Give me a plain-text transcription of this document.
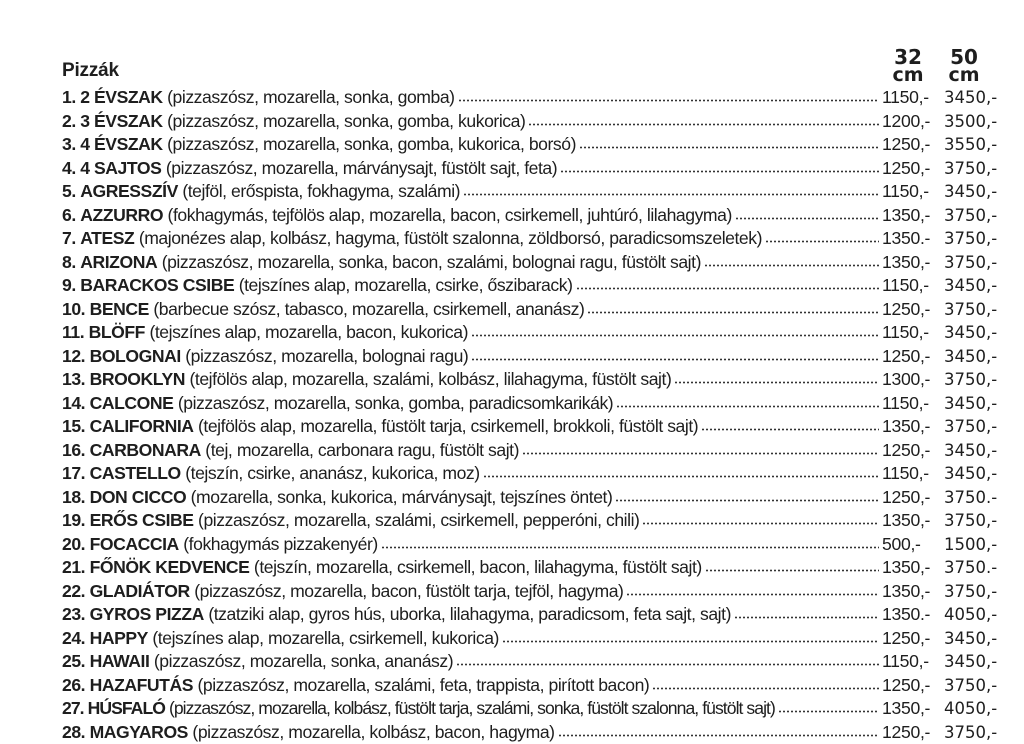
Pizzák
32
cm
50
cm
1. 2 ÉVSZAK (pizzaszósz, mozarella, sonka, gomba)	1150,- 3450,-
2. 3 ÉVSZAK (pizzaszósz, mozarella, sonka, gomba, kukorica)	1200,- 3500,-
3. 4 ÉVSZAK (pizzaszósz, mozarella, sonka, gomba, kukorica, borsó)	1250,- 3550,-
4. 4 SAJTOS (pizzaszósz, mozarella, márványsajt, füstölt sajt, feta)	1250,- 3750,-
5. AGRESSZÍV (tejföl, erőspista, fokhagyma, szalámi)	1150,- 3450,-
6. AZZURRO (fokhagymás, tejfölös alap, mozarella, bacon, csirkemell, juhtúró, lilahagyma)	1350,- 3750,-
7. ATESZ (majonézes alap, kolbász, hagyma, füstölt szalonna, zöldborsó, paradicsomszeletek)	1350.- 3750,-
8. ARIZONA (pizzaszósz, mozarella, sonka, bacon, szalámi, bolognai ragu, füstölt sajt)	1350,- 3750,-
9. BARACKOS CSIBE (tejszínes alap, mozarella, csirke, őszibarack)	1150,- 3450,-
10. BENCE (barbecue szósz, tabasco, mozarella, csirkemell, ananász)	1250,- 3750,-
11. BLÖFF (tejszínes alap, mozarella, bacon, kukorica)	1150,- 3450,-
12. BOLOGNAI (pizzaszósz, mozarella, bolognai ragu)	1250,- 3450,-
13. BROOKLYN (tejfölös alap, mozarella, szalámi, kolbász, lilahagyma, füstölt sajt)	1300,- 3750,-
14. CALCONE (pizzaszósz, mozarella, sonka, gomba, paradicsomkarikák)	1150,- 3450,-
15. CALIFORNIA (tejfölös alap, mozarella, füstölt tarja, csirkemell, brokkoli, füstölt sajt)	1350,- 3750,-
16. CARBONARA (tej, mozarella, carbonara ragu, füstölt sajt)	1250,- 3450,-
17. CASTELLO (tejszín, csirke, ananász, kukorica, moz)	1150,- 3450,-
18. DON CICCO (mozarella, sonka, kukorica, márványsajt, tejszínes öntet)	1250,- 3750.-
19. ERŐS CSIBE (pizzaszósz, mozarella, szalámi, csirkemell, pepperóni, chili)	1350,- 3750,-
20. FOCACCIA (fokhagymás pizzakenyér)	500,-	1500,-
21. FŐNÖK KEDVENCE (tejszín, mozarella, csirkemell, bacon, lilahagyma, füstölt sajt)	1350,- 3750.-
22. GLADIÁTOR (pizzaszósz, mozarella, bacon, füstölt tarja, tejföl, hagyma)	1350,- 3750,-
23. GYROS PIZZA (tzatziki alap, gyros hús, uborka, lilahagyma, paradicsom, feta sajt, sajt)	1350.- 4050,-
24. HAPPY (tejszínes alap, mozarella, csirkemell, kukorica)	1250,- 3450,-
25. HAWAII (pizzaszósz, mozarella, sonka, ananász)	1150,- 3450,-
26. HAZAFUTÁS (pizzaszósz, mozarella, szalámi, feta, trappista, pirított bacon)	1250,- 3750,-
27. HÚSFALÓ (pizzaszósz, mozarella, kolbász, füstölt tarja, szalámi, sonka, füstölt szalonna, füstölt sajt)	1350,- 4050,-
28. MAGYAROS (pizzaszósz, mozarella, kolbász, bacon, hagyma)	1250,- 3750,-
